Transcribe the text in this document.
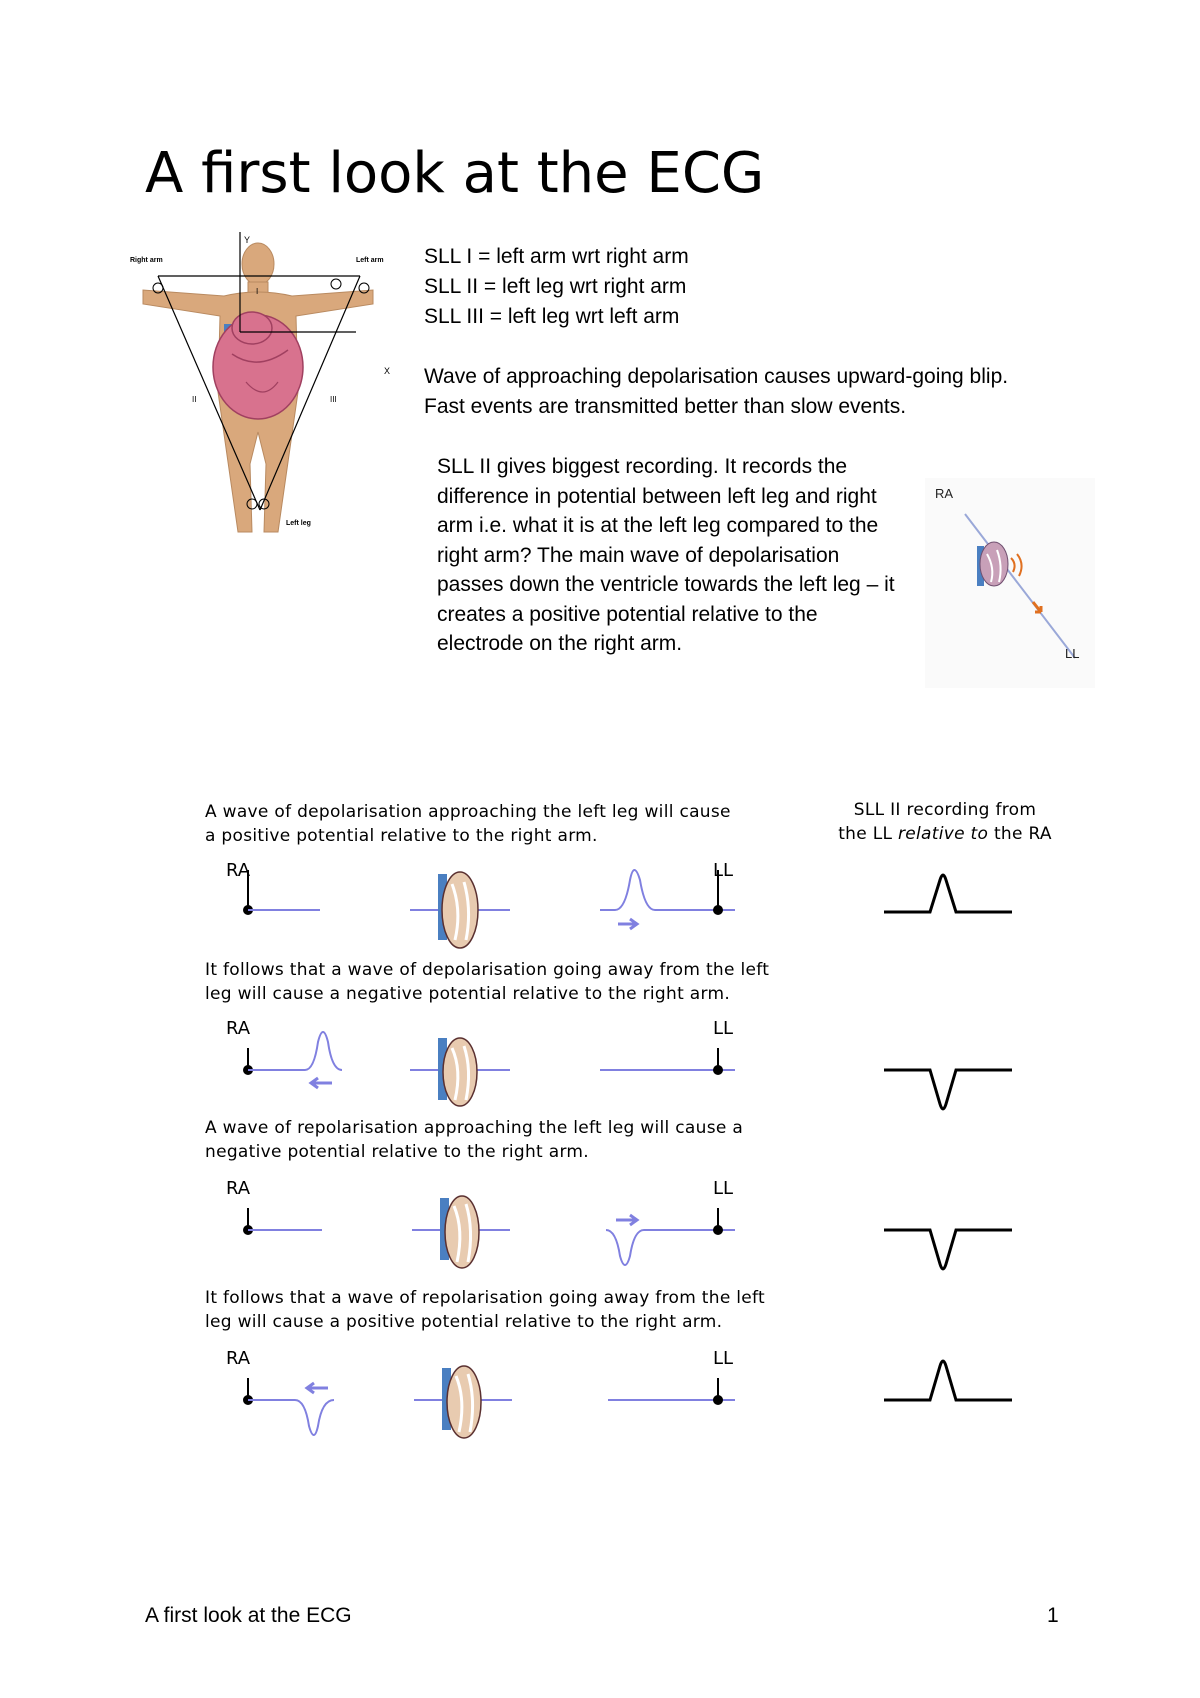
A first look at the ECG
Right arm	Left arm
Left leg
Y
X
I
II	III
SLL I = left arm wrt right arm
SLL II = left leg wrt right arm
SLL III = left leg wrt left arm
Wave of approaching depolarisation causes upward-going blip.
Fast events are transmitted better than slow events.
SLL II gives biggest recording. It records the difference in potential between left leg and right arm i.e. what it is at the left leg compared to the right arm? The main wave of depolarisation passes down the ventricle towards the left leg – it creates a positive potential relative to the electrode on the right arm.
RA
LL
SLL II recording from
the LL relative to the RA
A wave of depolarisation approaching the left leg will cause
a positive potential relative to the right arm.
RA	LL
It follows that a wave of depolarisation going away from the left
leg will cause a negative potential relative to the right arm.
RA	LL
A wave of repolarisation approaching the left leg will cause a
negative potential relative to the right arm.
RA	LL
It follows that a wave of repolarisation going away from the left
leg will cause a positive potential relative to the right arm.
RA	LL
A first look at the ECG	1
